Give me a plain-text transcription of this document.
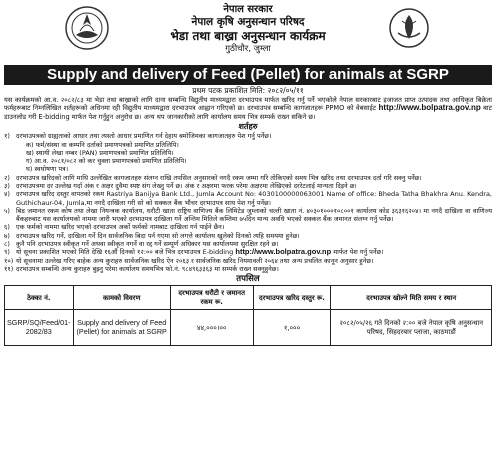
नेपाल सरकार
नेपाल कृषि अनुसन्धान परिषद
भेडा तथा बाख्रा अनुसन्धान कार्यक्रम
गुठीचौर, जुम्ला
Supply and delivery of Feed (Pellet) for animals at SGRP
प्रथम पटक प्रकाशित मिति: २०८२/०५/११

यस कार्यक्रमको आ.व. २०८२/८३ मा भेडा तथा बाख्राको लागि दाना सम्बन्धि विद्युतीय माध्यमद्वारा दरभाउपत्र मार्फत खरिद गर्नु पर्ने भएकोले नेपाल सरकारबाट इजाजत प्राप्त उत्पादक तथा आधिकृत बिक्रेता फर्महरूबाट निम्नलिखित शर्तहरूको अधिनमा रही विद्युतीय माध्यमद्वारा दरभाउपत्र आह्वान गरिएको छ। दरभाउपत्र सम्बन्धि कागजातहरू PPMO को वेबसाईट http://www.bolpatra.gov.np बाट डाउनलोड गरी E-bidding मार्फत पेश गर्नुहुन अनुरोध छ। अन्य थप जानकारीको लागि कार्यालय समय भित्र सम्पर्क राख्न सकिने छ।

शर्तहरु
१) दरभाउपत्रको ग्राह्यताको आधार तथा त्यस्तो आधार प्रमाणित गर्न देहाय बमोजिमका कागजातहरु पेश गर्नु पर्नेछ।
क) फर्म/संस्था वा कम्पनि दर्ताको प्रमाणपत्रको प्रमाणित प्रतिलिपि।
ख) स्थायी लेखा नम्बर (PAN) प्रमाणपत्रको प्रमाणित प्रतिलिपि।
ग) आ.व. २०८१/०८२ को कर चुक्ता प्रमाणपत्रको प्रमाणित प्रतिलिपि।
घ) स्वघोषणा पत्र।
२) दरभाउपत्र खरिदको लागि माथि उल्लेखित कागजातहरु संलग्न राखि तपसिल अनुसारको नगदै रकम जम्मा गरि तोकिएको समय भित्र खरिद तथा दरभाउपत्र दर्ता गरि सक्नु पर्नेछ।
३) दरभाउपत्रमा दर उल्लेख गर्दा अंक र अक्षर दुवैमा स्पष्ट संग लेख्नु पर्ने छ। अंक र अक्षरमा फरक परेमा अक्षरमा लेखिएको दररेटलाई मान्यता दिइने छ।
४) दरभाउपत्र खरिद दस्तुर वापतको रकम Rastriya Banijya Bank Ltd., Jumla Account No: 4030100000063001 Name of office: Bheda Tatha Bhakhra Anu. Kendra, Guthichaur-04, Jumla,मा नगदै दाखिला गरी सो को सक्कल बैंक भौचर दरभाउपत्र साथ पेश गर्नु पर्नेछ।
५) बिड जमानत रकम कोष तथा लेखा नियन्त्रक कार्यालय, धरौटी खाता राष्ट्रिय वाणिज्य बैंक लिमिटेड जुम्लाको चल्ती खाता नं. ४०३०१०००१०८००१ कार्यालय कोड ३६३१६२०४। मा नगदै दाखिला वा वाणिज्य बैंकहरुबाट यस कार्यालयको नाममा जारी भएको दरभाउपत्र दाखिला गर्ने अन्तिम मितिले कम्तिमा ७५दिन मान्य अवधि भएको सक्कल बैंक जमानत संलग्न गर्नु पर्नेछ।
६) एक फर्मको नाममा खरिद भएको दरभाउपत्र अर्को फर्मको नामबाट दाखिला गर्न पाईने छैन।
७) दरभाउपत्र खरिद गर्ने, दाखिला गर्ने दिन सार्वजनिक बिदा पर्न गएमा सो लगत्ते कार्यालय खुलेको दिनको त्यहि समयमा हुनेछ।
८) कुनै पनि दरभाउपत्र स्वीकृत गर्ने अथवा स्वीकृत नगर्ने वा रद्द गर्ने सम्पूर्ण अधिकार यस कार्यालयमा सुरक्षित रहने छ।
९) यो सूचना प्रकाशित भएको मिति देखि १६औं दिनको १२:०० बजे भित्र दरभाउपत्र E-bidding http://www.bolpatra.gov.np मार्फत पेश गर्नु पर्नेछ।
१०) यो सूचनामा उल्लेख गरिए बाहेक अन्य कुराहरु सार्वजनिक खरिद ऐन २०६३ र सार्वजनिक खरिद नियमावली २०६४ तथा अन्य प्रचलित कानून अनुसार हुनेछ।
११) दरभाउपत्र सम्बन्धि अन्य कुराहरु बुझ्नु परेमा कार्यालय समयभित्र फो.नं. ९८४९६३३६३ मा सम्पर्क राख्न सक्नुहुनेछ।
तपसिल
ठेक्का नं.	कामको विवरण	दरभाउपत्र धरौटी र जमानत रकम रू.	दरभाउपत्र खरिद दस्तुर रू.	दरभाउपत्र खोल्ने मिति समय र स्थान
SGRP/SQ/Feed/01-2082/83	Supply and delivery of Feed (Pellet) for animals at SGRP	४४,०००।००	१,०००	२०८२/०५/२६ गते दिनको २:०० बजे नेपाल कृषि अनुसन्धान परिषद, सिहदरबार प्लाजा, काठमाडौं
